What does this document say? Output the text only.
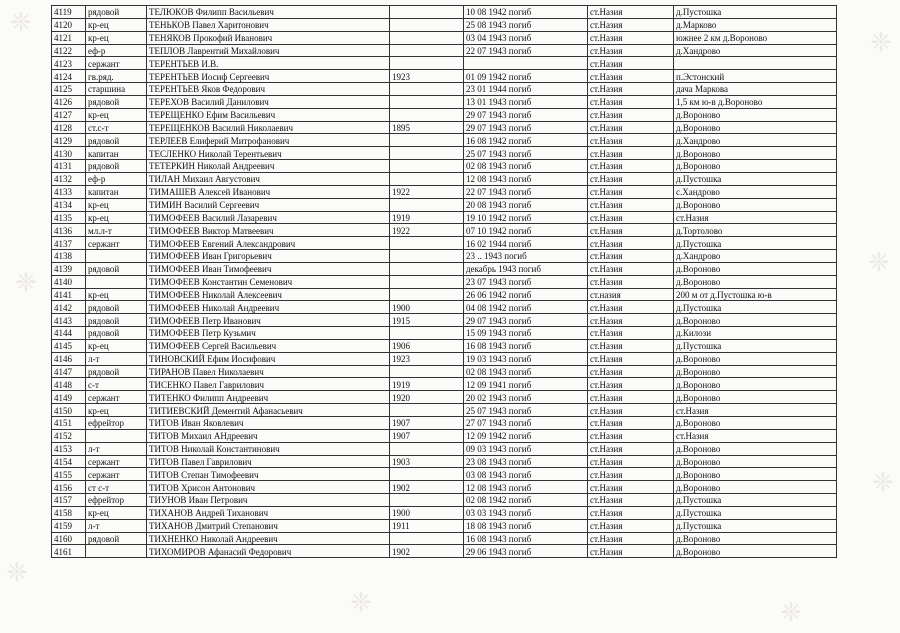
❈
❈
❈
❈
❈	❈
❈
❈
4119	рядовой	ТЕЛЮКОВ Филипп Васильевич		10 08 1942 погиб	ст.Назия	д.Пустошка
4120	кр-ец	ТЕНЬКОВ Павел Харитонович		25 08 1943 погиб	ст.Назия	д.Марково
4121	кр-ец	ТЕНЯКОВ Прокофий Иванович		03 04 1943 погиб	ст.Назия	южнее 2 км д.Вороново
4122	еф-р	ТЕПЛОВ Лаврентий Михайлович		22 07 1943 погиб	ст.Назия	д.Хандрово
4123	сержант	ТЕРЕНТЬЕВ И.В.			ст.Назия	
4124	гв.ряд.	ТЕРЕНТЬЕВ Иосиф Сергеевич	1923	01 09 1942 погиб	ст.Назия	п.Эстонский
4125	старшина	ТЕРЕНТЬЕВ Яков Федорович		23 01 1944 погиб	ст.Назия	дача Маркова
4126	рядовой	ТЕРЕХОВ Василий Данилович		13 01 1943 погиб	ст.Назия	1,5 км ю-в д.Вороново
4127	кр-ец	ТЕРЕЩЕНКО Ефим Васильевич		29 07 1943 погиб	ст.Назия	д.Вороново
4128	ст.с-т	ТЕРЕЩЕНКОВ Василий Николаевич	1895	29 07 1943 погиб	ст.Назия	д.Вороново
4129	рядовой	ТЕРЛЕЕВ Елиферий Митрофанович		16 08 1942 погиб	ст.Назия	д.Хандрово
4130	капитан	ТЕСЛЕНКО Николай Терентьевич		25 07 1943 погиб	ст.Назия	д.Вороново
4131	рядовой	ТЕТЕРКИН Николай Андреевич		02 08 1943 погиб	ст.Назия	д.Вороново
4132	еф-р	ТИЛАН Михаил Августович		12 08 1943 погиб	ст.Назия	д.Пустошка
4133	капитан	ТИМАШЕВ Алексей Иванович	1922	22 07 1943 погиб	ст.Назия	с.Хандрово
4134	кр-ец	ТИМИН Василий Сергеевич		20 08 1943 погиб	ст.Назия	д.Вороново
4135	кр-ец	ТИМОФЕЕВ Василий Лазаревич	1919	19 10 1942 погиб	ст.Назия	ст.Назия
4136	мл.л-т	ТИМОФЕЕВ Виктор Матвеевич	1922	07 10 1942 погиб	ст.Назия	д.Тортолово
4137	сержант	ТИМОФЕЕВ Евгений Александрович		16 02 1944 погиб	ст.Назия	д.Пустошка
4138		ТИМОФЕЕВ Иван Григорьевич		23 .. 1943 погиб	ст.Назия	д.Хандрово
4139	рядовой	ТИМОФЕЕВ Иван Тимофеевич		декабрь 1943 погиб	ст.Назия	д.Вороново
4140		ТИМОФЕЕВ Константин Семенович		23 07 1943 погиб	ст.Назия	д.Вороново
4141	кр-ец	ТИМОФЕЕВ Николай Алексеевич		26 06 1942 погиб	ст.назия	200 м от д.Пустошка ю-в
4142	рядовой	ТИМОФЕЕВ Николай Андреевич	1900	04 08 1942 погиб	ст.Назия	д.Пустошка
4143	рядовой	ТИМОФЕЕВ Петр Иванович	1915	29 07 1943 погиб	ст.Назия	д.Вороново
4144	рядовой	ТИМОФЕЕВ Петр Кузьмич		15 09 1943 погиб	ст.Назия	д.Килози
4145	кр-ец	ТИМОФЕЕВ Сергей Васильевич	1906	16 08 1943 погиб	ст.Назия	д.Пустошка
4146	л-т	ТИНОВСКИЙ Ефим Иосифович	1923	19 03 1943 погиб	ст.Назия	д.Вороново
4147	рядовой	ТИРАНОВ Павел Николаевич		02 08 1943 погиб	ст.Назия	д.Вороново
4148	с-т	ТИСЕНКО Павел Гаврилович	1919	12 09 1941 погиб	ст.Назия	д.Вороново
4149	сержант	ТИТЕНКО Филипп Андреевич	1920	20 02 1943 погиб	ст.Назия	д.Вороново
4150	кр-ец	ТИТИЕВСКИЙ Дементий Афанасьевич		25 07 1943 погиб	ст.Назия	ст.Назия
4151	ефрейтор	ТИТОВ Иван Яковлевич	1907	27 07 1943 погиб	ст.Назия	д.Вороново
4152		ТИТОВ Михаил АНдреевич	1907	12 09 1942 погиб	ст.Назия	ст.Назия
4153	л-т	ТИТОВ Николай Константинович		09 03 1943 погиб	ст.Назия	д.Вороново
4154	сержант	ТИТОВ Павел Гаврилович	1903	23 08 1943 погиб	ст.Назия	д.Вороново
4155	сержант	ТИТОВ Степан Тимофеевич		03 08 1943 погиб	ст.Назия	д.Вороново
4156	ст с-т	ТИТОВ Хрисон Антонович	1902	12 08 1943 погиб	ст.Назия	д.Вороново
4157	ефрейтор	ТИУНОВ Иван Петрович		02 08 1942 погиб	ст.Назия	д.Пустошка
4158	кр-ец	ТИХАНОВ Андрей Тиханович	1900	03 03 1943 погиб	ст.Назия	д.Пустошка
4159	л-т	ТИХАНОВ Дмитрий Степанович	1911	18 08 1943 погиб	ст.Назия	д.Пустошка
4160	рядовой	ТИХНЕНКО Николай Андреевич		16 08 1943 погиб	ст.Назия	д.Вороново
4161		ТИХОМИРОВ Афанасий Федорович	1902	29 06 1943 погиб	ст.Назия	д.Вороново
